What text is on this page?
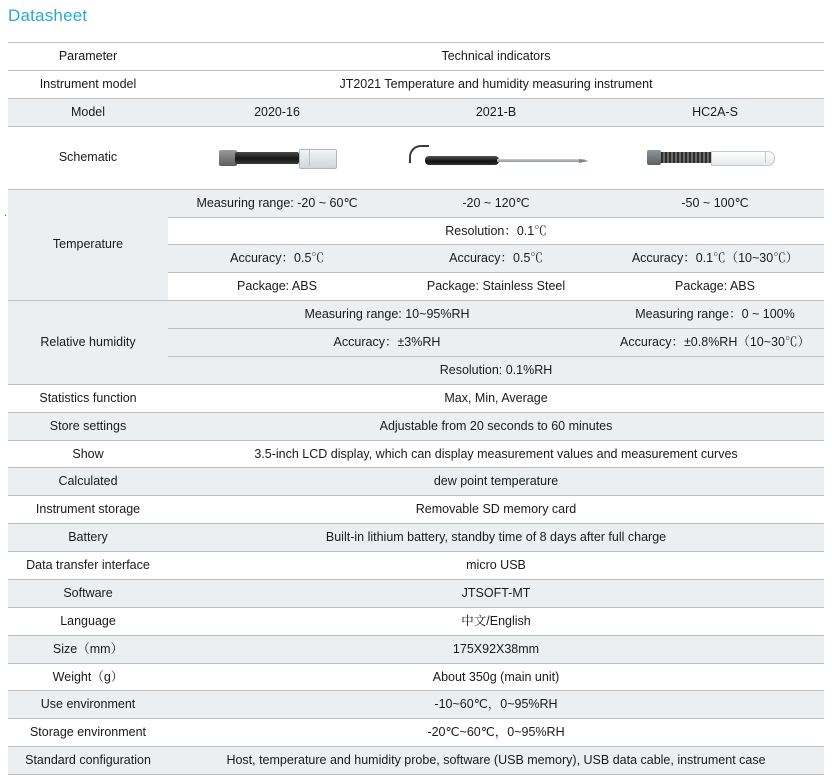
Datasheet
.
Parameter	Technical indicators		
Instrument model	JT2021 Temperature and humidity measuring instrument		
Model	2020-16	2021-B	HC2A-S
Schematic	

Temperature	Measuring range: -20 ~ 60℃	-20 ~ 120℃	-50 ~ 100℃
	Resolution：0.1℃		
	Accuracy：0.5℃	Accuracy：0.5℃	Accuracy：0.1℃（10~30℃）
	Package: ABS	Package: Stainless Steel	Package: ABS
Relative humidity	Measuring range: 10~95%RH		Measuring range：0 ~ 100%
	Accuracy：±3%RH		Accuracy：±0.8%RH（10~30℃）
	Resolution: 0.1%RH		
Statistics function	Max, Min, Average		
Store settings	Adjustable from 20 seconds to 60 minutes		
Show	3.5-inch LCD display, which can display measurement values and measurement curves		
Calculated	dew point temperature		
Instrument storage	Removable SD memory card		
Battery	Built-in lithium battery, standby time of 8 days after full charge		
Data transfer interface	micro USB		
Software	JTSOFT-MT		
Language	中文/English		
Size（mm）	175X92X38mm		
Weight（g）	About 350g (main unit)		
Use environment	-10~60℃，0~95%RH		
Storage environment	-20℃~60℃，0~95%RH		
Standard configuration	Host, temperature and humidity probe, software (USB memory), USB data cable, instrument case		
